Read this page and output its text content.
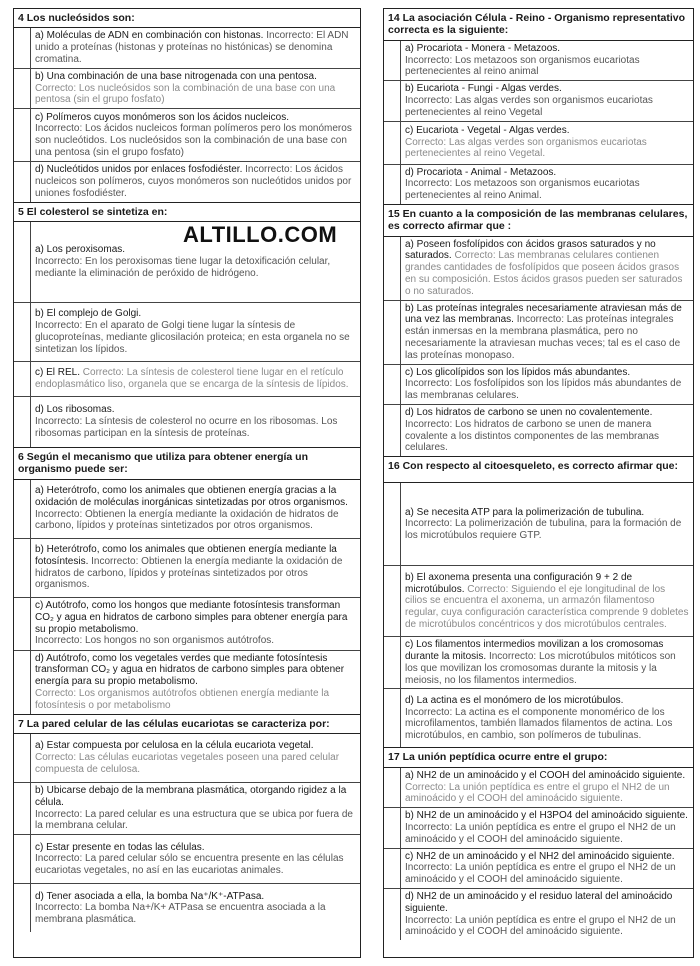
4 Los nucleósidos son:
a) Moléculas de ADN en combinación con histonas. Incorrecto: El ADN unido a proteínas (histonas y proteínas no histónicas) se denomina cromatina.
b) Una combinación de una base nitrogenada con una pentosa.
Correcto: Los nucleósidos son la combinación de una base con una pentosa (sin el grupo fosfato)
c) Polímeros cuyos monómeros son los ácidos nucleicos.
Incorrecto: Los ácidos nucleicos forman polímeros pero los monómeros son nucleótidos. Los nucleósidos son la combinación de una base con una pentosa (sin el grupo fosfato)
d) Nucleótidos unidos por enlaces fosfodiéster. Incorrecto: Los ácidos nucleicos son polímeros, cuyos monómeros son nucleótidos unidos por uniones fosfodiéster.
5 El colesterol se sintetiza en:
a) Los peroxisomas.
Incorrecto: En los peroxisomas tiene lugar la detoxificación celular, mediante la eliminación de peróxido de hidrógeno.
b) El complejo de Golgi.
Incorrecto: En el aparato de Golgi tiene lugar la síntesis de glucoproteínas, mediante glicosilación proteica; en esta organela no se sintetizan los lípidos.
c) El REL. Correcto: La síntesis de colesterol tiene lugar en el retículo endoplasmático liso, organela que se encarga de la síntesis de lípidos.
d) Los ribosomas.
Incorrecto: La síntesis de colesterol no ocurre en los ribosomas. Los ribosomas participan en la síntesis de proteínas.
6 Según el mecanismo que utiliza para obtener energía un organismo puede ser:
a) Heterótrofo, como los animales que obtienen energía gracias a la oxidación de moléculas inorgánicas sintetizadas por otros organismos. Incorrecto: Obtienen la energía mediante la oxidación de hidratos de carbono, lípidos y proteínas sintetizados por otros organismos.
b) Heterótrofo, como los animales que obtienen energía mediante la fotosíntesis. Incorrecto: Obtienen la energía mediante la oxidación de hidratos de carbono, lípidos y proteínas sintetizados por otros organismos.
c) Autótrofo, como los hongos que mediante fotosíntesis transforman CO₂ y agua en hidratos de carbono simples para obtener energía para su propio metabolismo.
Incorrecto: Los hongos no son organismos autótrofos.
d) Autótrofo, como los vegetales verdes que mediante fotosíntesis transforman CO₂ y agua en hidratos de carbono simples para obtener energía para su propio metabolismo.
Correcto: Los organismos autótrofos obtienen energía mediante la fotosíntesis o por metabolismo
7 La pared celular de las células eucariotas se caracteriza por:
a) Estar compuesta por celulosa en la célula eucariota vegetal.
Correcto: Las células eucariotas vegetales poseen una pared celular compuesta de celulosa.
b) Ubicarse debajo de la membrana plasmática, otorgando rigidez a la célula.
Incorrecto: La pared celular es una estructura que se ubica por fuera de la membrana celular.
c) Estar presente en todas las células.
Incorrecto: La pared celular sólo se encuentra presente en las células eucariotas vegetales, no así en las eucariotas animales.
d) Tener asociada a ella, la bomba Na⁺/K⁺-ATPasa.
Incorrecto: La bomba Na+/K+ ATPasa se encuentra asociada a la membrana plasmática.
14 La asociación Célula - Reino - Organismo representativo correcta es la siguiente:
a) Procariota - Monera - Metazoos.
Incorrecto: Los metazoos son organismos eucariotas pertenecientes al reino animal
b) Eucariota - Fungi - Algas verdes.
Incorrecto: Las algas verdes son organismos eucariotas pertenecientes al reino Vegetal
c) Eucariota - Vegetal - Algas verdes.
Correcto: Las algas verdes son organismos eucariotas pertenecientes al reino Vegetal.
d) Procariota - Animal - Metazoos.
Incorrecto: Los metazoos son organismos eucariotas pertenecientes al reino Animal.
15 En cuanto a la composición de las membranas celulares, es correcto afirmar que :
a) Poseen fosfolípidos con ácidos grasos saturados y no saturados. Correcto: Las membranas celulares contienen grandes cantidades de fosfolípidos que poseen ácidos grasos en su composición. Estos ácidos grasos pueden ser saturados o no saturados.
b) Las proteínas integrales necesariamente atraviesan más de una vez las membranas. Incorrecto: Las proteínas integrales están inmersas en la membrana plasmática, pero no necesariamente la atraviesan muchas veces; tal es el caso de las proteínas monopaso.
c) Los glicolípidos son los lípidos más abundantes.
Incorrecto: Los fosfolípidos son los lípidos más abundantes de las membranas celulares.
d) Los hidratos de carbono se unen no covalentemente.
Incorrecto: Los hidratos de carbono se unen de manera covalente a los distintos componentes de las membranas celulares.
16 Con respecto al citoesqueleto, es correcto afirmar que:
a) Se necesita ATP para la polimerización de tubulina.
Incorrecto: La polimerización de tubulina, para la formación de los microtúbulos requiere GTP.
b) El axonema presenta una configuración 9 + 2 de microtúbulos. Correcto: Siguiendo el eje longitudinal de los cilios se encuentra el axonema, un armazón filamentoso regular, cuya configuración característica comprende 9 dobletes de microtúbulos concéntricos y dos microtúbulos centrales.
c) Los filamentos intermedios movilizan a los cromosomas durante la mitosis. Incorrecto: Los microtúbulos mitóticos son los que movilizan los cromosomas durante la mitosis y la meiosis, no los filamentos intermedios.
d) La actina es el monómero de los microtúbulos.
Incorrecto: La actina es el componente monomérico de los microfilamentos, también llamados filamentos de actina. Los microtúbulos, en cambio, son polímeros de tubulinas.
17 La unión peptídica ocurre entre el grupo:
a) NH2 de un aminoácido y el COOH del aminoácido siguiente. Correcto: La unión peptídica es entre el grupo el NH2 de un aminoácido y el COOH del aminoácido siguiente.
b) NH2 de un aminoácido y el H3PO4 del aminoácido siguiente.
Incorrecto: La unión peptídica es entre el grupo el NH2 de un aminoácido y el COOH del aminoácido siguiente.
c) NH2 de un aminoácido y el NH2 del aminoácido siguiente.
Incorrecto: La unión peptídica es entre el grupo el NH2 de un aminoácido y el COOH del aminoácido siguiente.
d) NH2 de un aminoácido y el residuo lateral del aminoácido siguiente.
Incorrecto: La unión peptídica es entre el grupo el NH2 de un aminoácido y el COOH del aminoácido siguiente.
ALTILLO.COM
